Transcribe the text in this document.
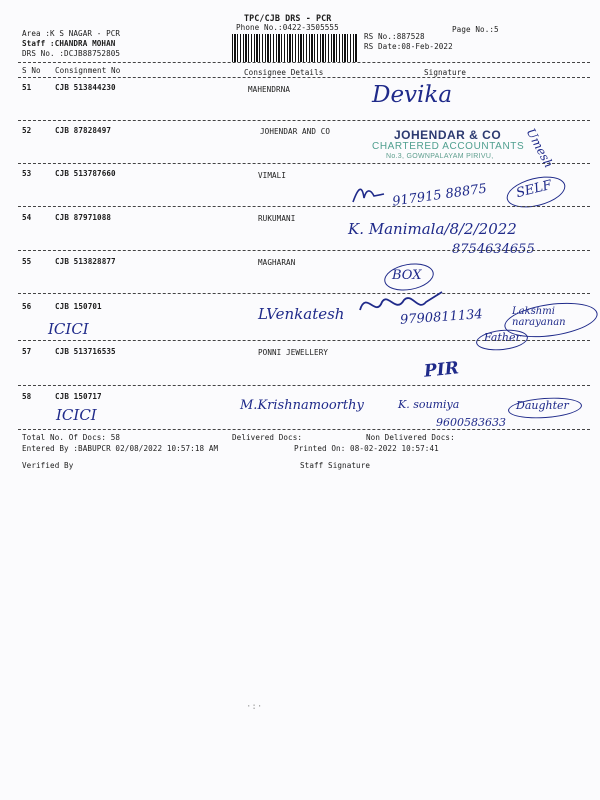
TPC/CJB DRS - PCR
Phone No.:0422-3505555	Page No.:5
Area :K S NAGAR - PCR
Staff :CHANDRA MOHAN
DRS No. :DCJB88752805
RS No.:887528
RS Date:08-Feb-2022
S No Consignment No	Consignee Details	Signature
51	CJB 513844230	MAHENDRNA	Devika
52	CJB 87828497	JOHENDAR AND CO	JOHENDAR & CO
CHARTERED ACCOUNTANTS
No.3, GOWNPALAYAM PIRIVU,	Umesh
53	CJB 513787660	VIMALI
917915 88875 SELF
54	CJB 87971088	RUKUMANI
K. Manimala/8/2/2022
8754634655
55	CJB 513828877	MAGHARAN
56	CJB 150701
ICICI
LVenkatesh
BOX
9790811134	Lakshmi narayanan
Father
57	CJB 513716535	PONNI JEWELLERY
PIR
58	CJB 150717
ICICI
M.Krishnamoorthy	K. soumiya
9600583633
Daughter
Total No. Of Docs: 58	Delivered Docs:	Non Delivered Docs:
Entered By :BABUPCR 02/08/2022 10:57:18 AM	Printed On: 08-02-2022 10:57:41
Verified By	Staff Signature
·:·
